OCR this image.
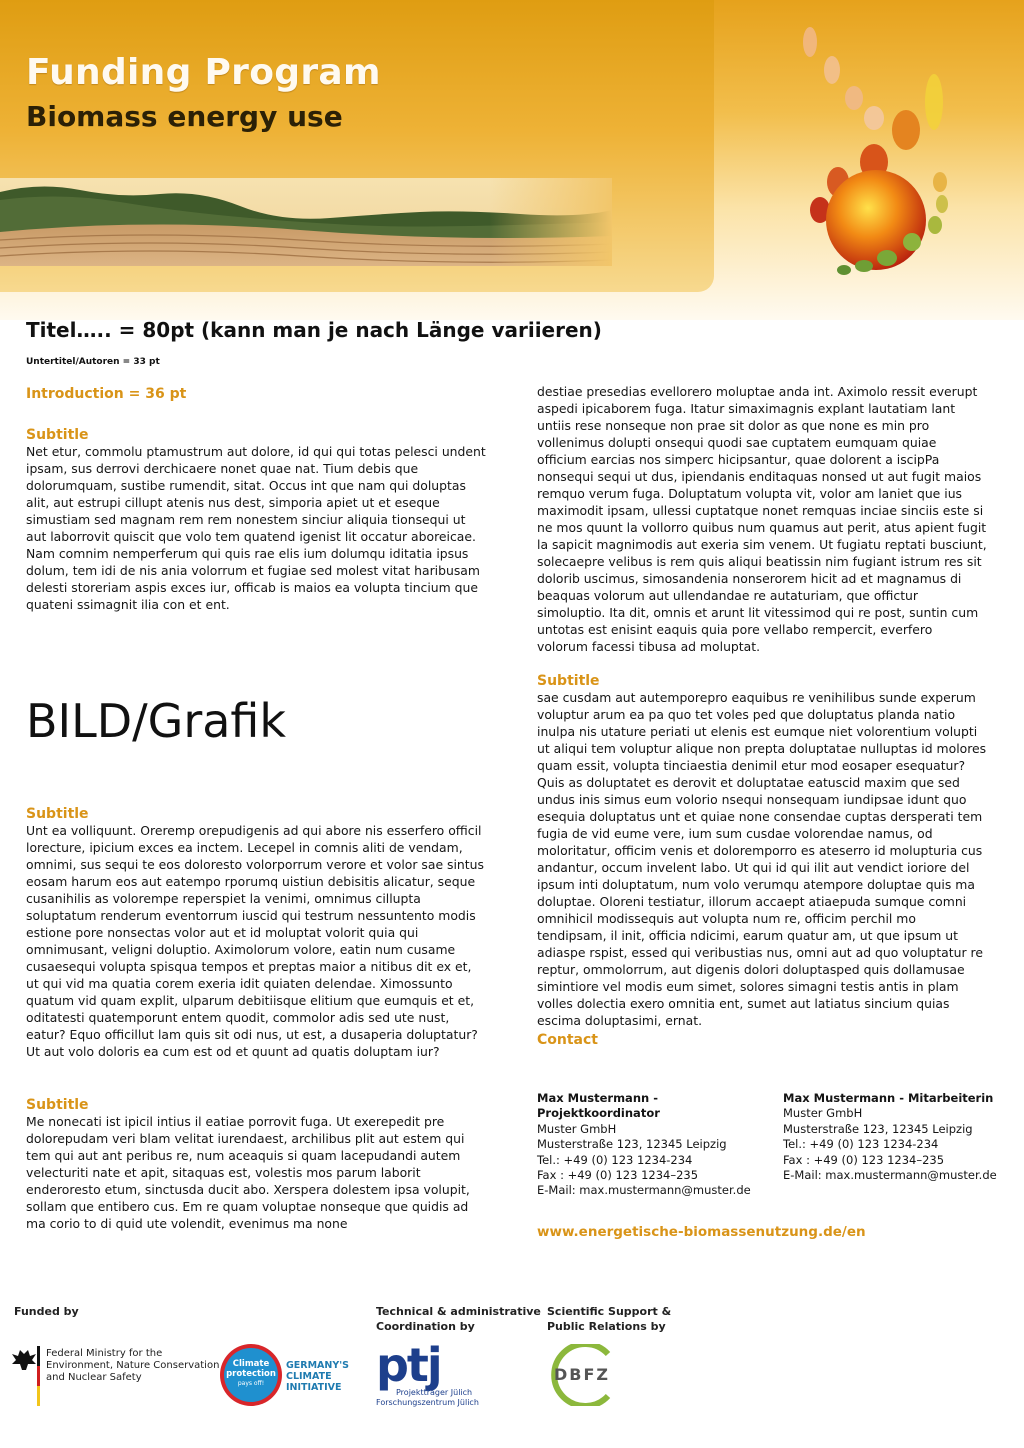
Funding Program
Biomass energy use
Titel….. = 80pt (kann man je nach Länge variieren)
Untertitel/Autoren = 33 pt
Introduction = 36 pt
Subtitle

Net etur, commolu ptamustrum aut dolore, id qui qui totas pelesci undent ipsam, sus derrovi derchicaere nonet quae nat. Tium debis que dolorumquam, sustibe rumendit, sitat. Occus int que nam qui doluptas alit, aut estrupi cillupt atenis nus dest, simporia apiet ut et eseque simustiam sed magnam rem rem nonestem sinciur aliquia tionsequi ut aut laborrovit quiscit que volo tem quatend igenist lit occatur aboreicae. Nam comnim nemperferum qui quis rae elis ium dolumqu iditatia ipsus dolum, tem idi de nis ania volorrum et fugiae sed molest vitat haribusam delesti storeriam aspis exces iur, officab is maios ea volupta tincium que quateni ssimagnit ilia con et ent.

BILD/Grafik
Subtitle

Unt ea volliquunt. Oreremp orepudigenis ad qui abore nis esserfero officil lorecture, ipicium exces ea inctem. Lecepel in comnis aliti de vendam, omnimi, sus sequi te eos doloresto volorporrum verore et volor sae sintus eosam harum eos aut eatempo rporumq uistiun debisitis alicatur, seque cusanihilis as volorempe reperspiet la venimi, omnimus cillupta soluptatum renderum eventorrum iuscid qui testrum nessuntento modis estione pore nonsectas volor aut et id moluptat volorit quia qui omnimusant, veligni doluptio. Aximolorum volore, eatin num cusame cusaesequi volupta spisqua tempos et preptas maior a nitibus dit ex et, ut qui vid ma quatia corem exeria idit quiaten delendae. Ximossunto quatum vid quam explit, ulparum debitiisque elitium que eumquis et et, oditatesti quatemporunt entem quodit, commolor adis sed ute nust, eatur? Equo officillut lam quis sit odi nus, ut est, a dusaperia doluptatur? Ut aut volo doloris ea cum est od et quunt ad quatis doluptam iur?

Subtitle

Me nonecati ist ipicil intius il eatiae porrovit fuga. Ut exerepedit pre dolorepudam veri blam velitat iurendaest, archilibus plit aut estem qui tem qui aut ant peribus re, num aceaquis si quam lacepudandi autem velecturiti nate et apit, sitaquas est, volestis mos parum laborit enderoresto etum, sinctusda ducit abo. Xerspera dolestem ipsa volupit, sollam que entibero cus. Em re quam voluptae nonseque que quidis ad ma corio to di quid ute volendit, evenimus ma none

destiae presedias evellorero moluptae anda int. Aximolo ressit everupt aspedi ipicaborem fuga. Itatur simaximagnis explant lautatiam lant untiis rese nonseque non prae sit dolor as que none es min pro vollenimus dolupti onsequi quodi sae cuptatem eumquam quiae officium earcias nos simperc hicipsantur, quae dolorent a iscipPa nonsequi sequi ut dus, ipiendanis enditaquas nonsed ut aut fugit maios remquo verum fuga. Doluptatum volupta vit, volor am laniet que ius maximodit ipsam, ullessi cuptatque nonet remquas inciae sinciis este si ne mos quunt la vollorro quibus num quamus aut perit, atus apient fugit la sapicit magnimodis aut exeria sim venem. Ut fugiatu reptati busciunt, solecaepre velibus is rem quis aliqui beatissin nim fugiant istrum res sit dolorib uscimus, simosandenia nonserorem hicit ad et magnamus di beaquas volorum aut ullendandae re autaturiam, que offictur simoluptio. Ita dit, omnis et arunt lit vitessimod qui re post, suntin cum untotas est enisint eaquis quia pore vellabo rempercit, everfero volorum facessi tibusa ad moluptat.

Subtitle

sae cusdam aut autemporepro eaquibus re venihilibus sunde experum voluptur arum ea pa quo tet voles ped que doluptatus planda natio inulpa nis utature periati ut elenis est eumque niet volorentium volupti ut aliqui tem voluptur alique non prepta doluptatae nulluptas id molores quam essit, volupta tinciaestia denimil etur mod eosaper esequatur? Quis as doluptatet es derovit et doluptatae eatuscid maxim que sed undus inis simus eum volorio nsequi nonsequam iundipsae idunt quo esequia doluptatus unt et quiae none consendae cuptas dersperati tem fugia de vid eume vere, ium sum cusdae volorendae namus, od moloritatur, officim venis et doloremporro es ateserro id molupturia cus andantur, occum invelent labo. Ut qui id qui ilit aut vendict ioriore del ipsum inti doluptatum, num volo verumqu atempore doluptae quis ma doluptae. Oloreni testiatur, illorum accaept atiaepuda sumque comni omnihicil modissequis aut volupta num re, officim perchil mo tendipsam, il init, officia ndicimi, earum quatur am, ut que ipsum ut adiaspe rspist, essed qui veribustias nus, omni aut ad quo voluptatur re reptur, ommolorrum, aut digenis dolori doluptasped quis dollamusae simintiore vel modis eum simet, solores simagni testis antis in plam volles dolectia exero omnitia ent, sumet aut latiatus sincium quias escima doluptasimi, ernat.

Contact
Max Mustermann - Projektkoordinator
Muster GmbH
Musterstraße 123, 12345 Leipzig
Tel.: +49 (0) 123 1234-234
Fax : +49 (0) 123 1234–235
E-Mail: max.mustermann@muster.de
Max Mustermann - Mitarbeiterin
Muster GmbH
Musterstraße 123, 12345 Leipzig
Tel.: +49 (0) 123 1234-234
Fax : +49 (0) 123 1234–235
E-Mail: max.mustermann@muster.de
www.energetische-biomassenutzung.de/en
Funded by
Federal Ministry for the
Environment, Nature Conservation
and Nuclear Safety
Climate
protection
pays off!
GERMANY'S
CLIMATE
INITIATIVE
Technical & administrative
Coordination by
ptj
Projektträger Jülich
Forschungszentrum Jülich
Scientific Support &
Public Relations by
DBFZ
